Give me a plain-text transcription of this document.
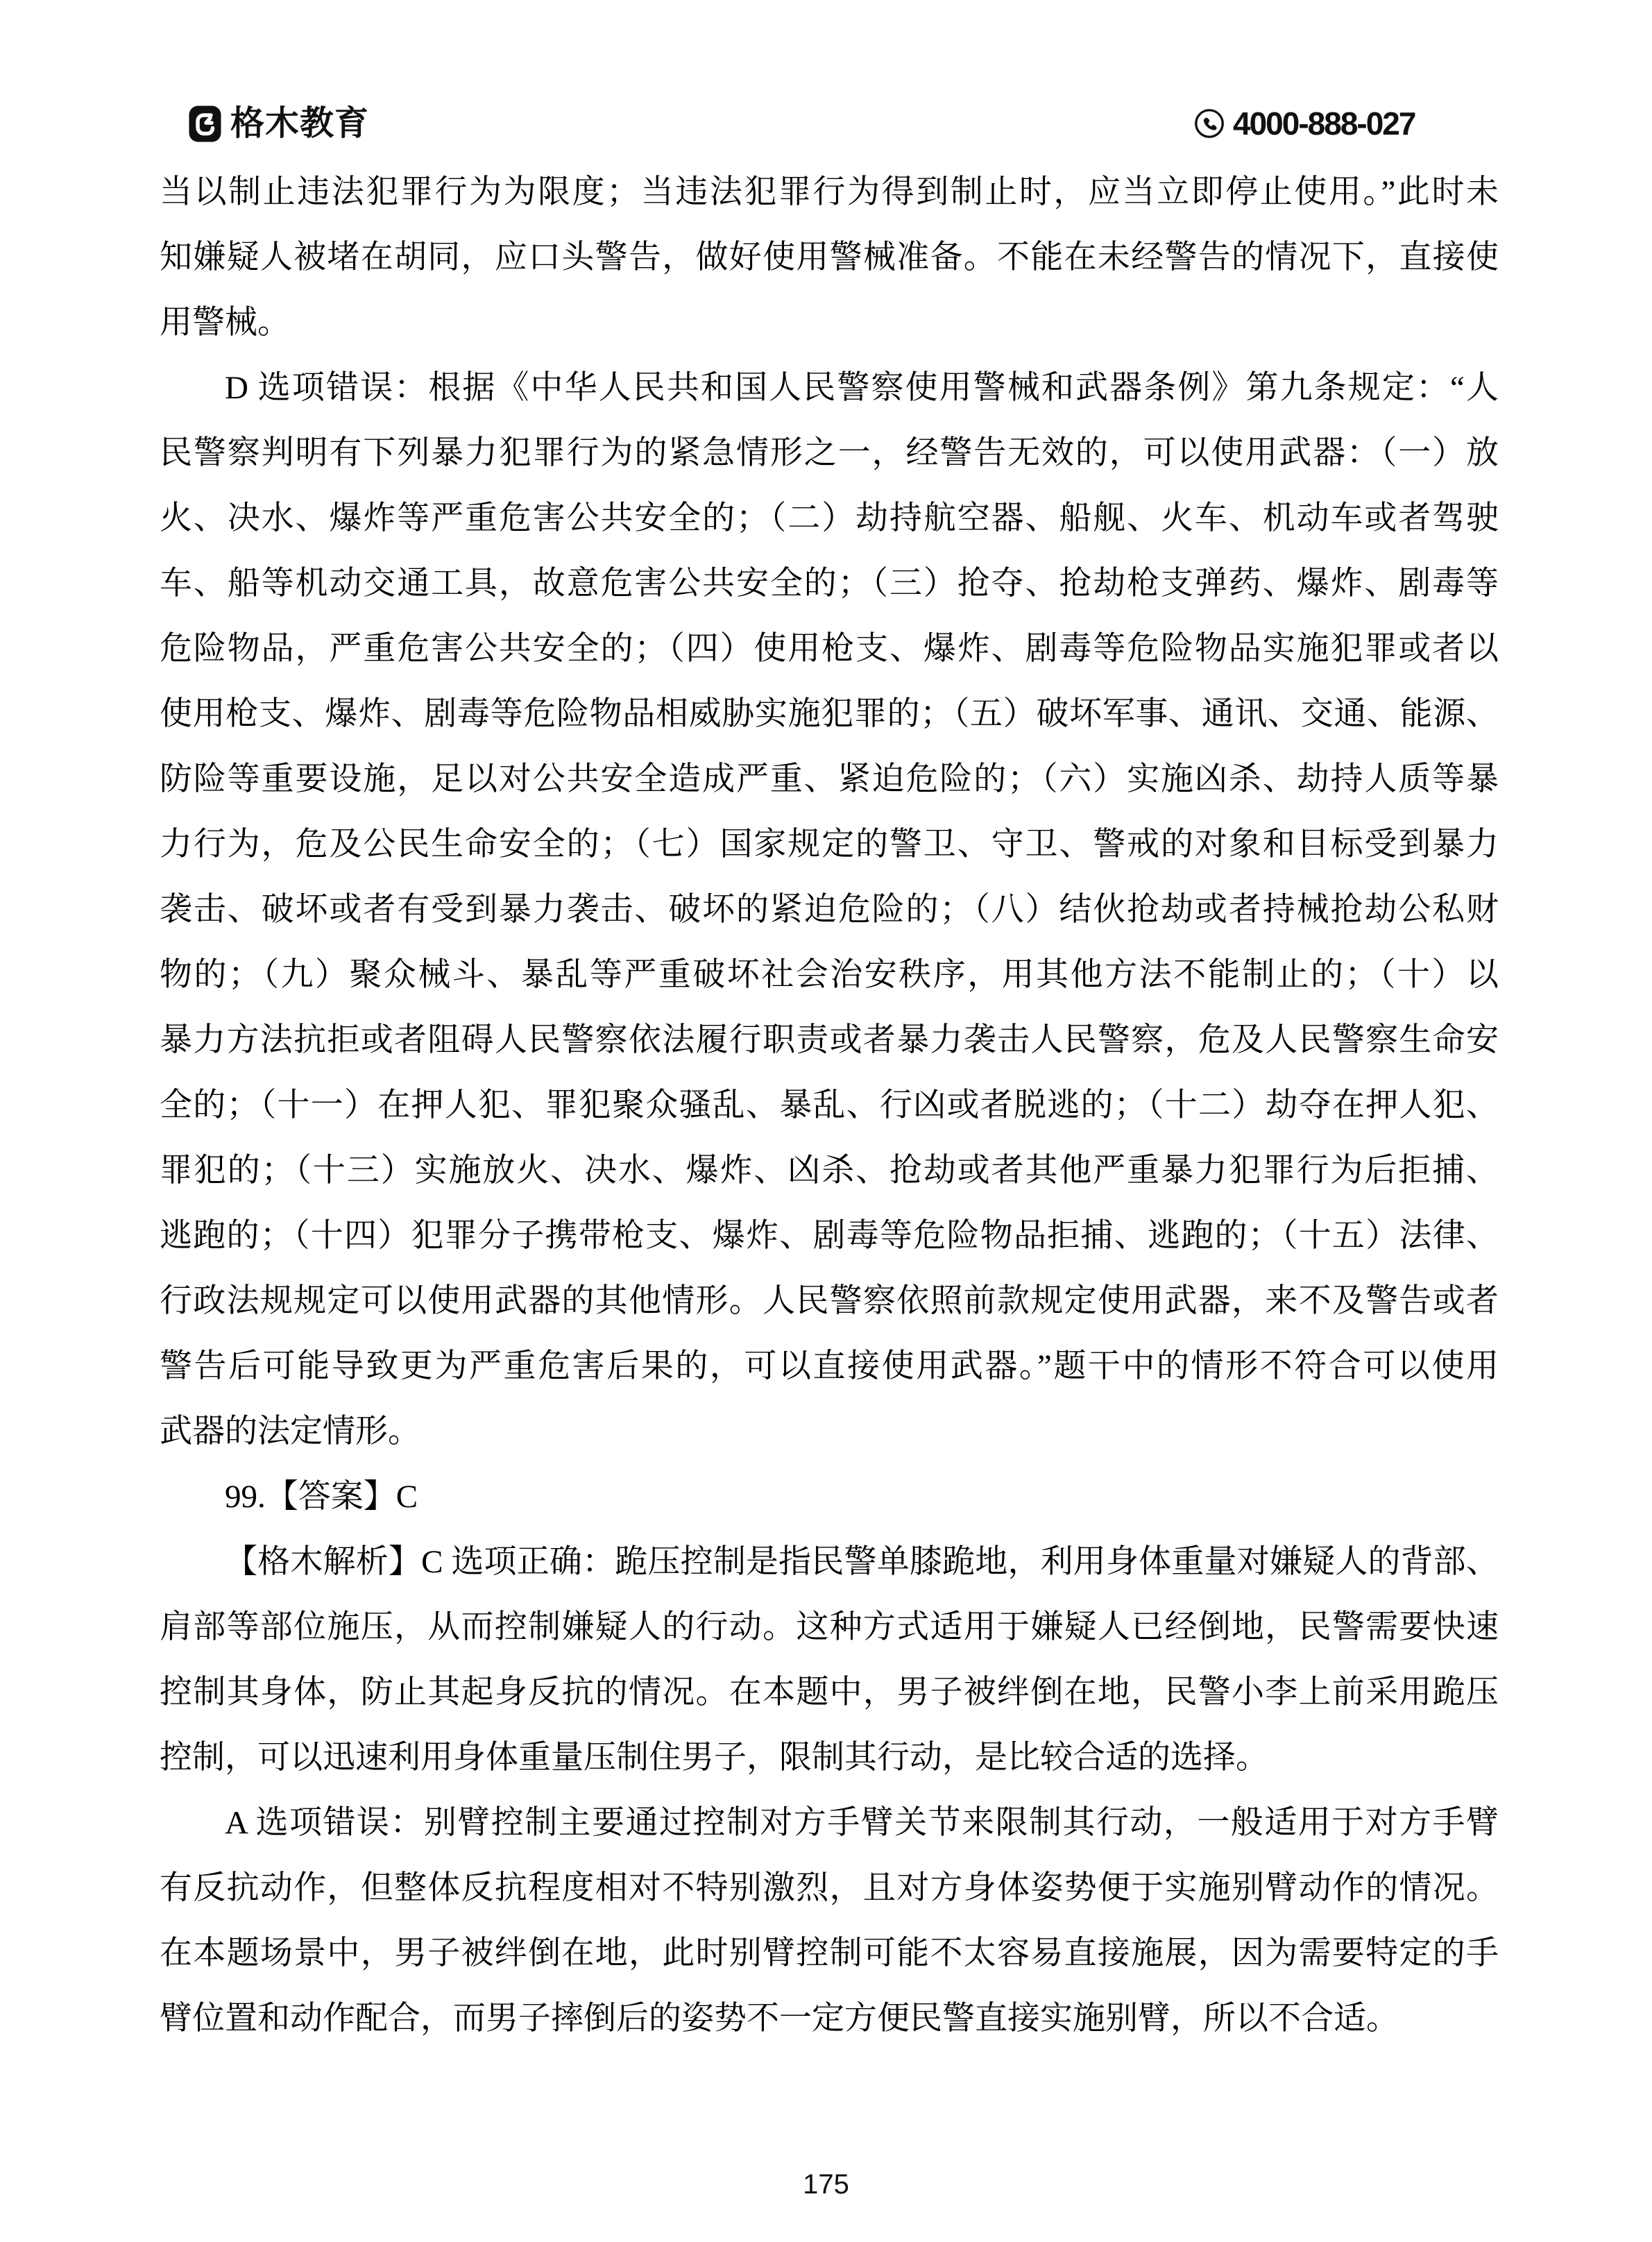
格木教育	4000-888-027
当以制止违法犯罪行为为限度；当违法犯罪行为得到制止时，应当立即停止使用。”此时未
知嫌疑人被堵在胡同，应口头警告，做好使用警械准备。不能在未经警告的情况下，直接使
用警械。
D 选项错误：根据《中华人民共和国人民警察使用警械和武器条例》第九条规定：“人
民警察判明有下列暴力犯罪行为的紧急情形之一，经警告无效的，可以使用武器：（一）放
火、决水、爆炸等严重危害公共安全的；（二）劫持航空器、船舰、火车、机动车或者驾驶
车、船等机动交通工具，故意危害公共安全的；（三）抢夺、抢劫枪支弹药、爆炸、剧毒等
危险物品，严重危害公共安全的；（四）使用枪支、爆炸、剧毒等危险物品实施犯罪或者以
使用枪支、爆炸、剧毒等危险物品相威胁实施犯罪的；（五）破坏军事、通讯、交通、能源、
防险等重要设施，足以对公共安全造成严重、紧迫危险的；（六）实施凶杀、劫持人质等暴
力行为，危及公民生命安全的；（七）国家规定的警卫、守卫、警戒的对象和目标受到暴力
袭击、破坏或者有受到暴力袭击、破坏的紧迫危险的；（八）结伙抢劫或者持械抢劫公私财
物的；（九）聚众械斗、暴乱等严重破坏社会治安秩序，用其他方法不能制止的；（十）以
暴力方法抗拒或者阻碍人民警察依法履行职责或者暴力袭击人民警察，危及人民警察生命安
全的；（十一）在押人犯、罪犯聚众骚乱、暴乱、行凶或者脱逃的；（十二）劫夺在押人犯、
罪犯的；（十三）实施放火、决水、爆炸、凶杀、抢劫或者其他严重暴力犯罪行为后拒捕、
逃跑的；（十四）犯罪分子携带枪支、爆炸、剧毒等危险物品拒捕、逃跑的；（十五）法律、
行政法规规定可以使用武器的其他情形。人民警察依照前款规定使用武器，来不及警告或者
警告后可能导致更为严重危害后果的，可以直接使用武器。”题干中的情形不符合可以使用
武器的法定情形。
99.【答案】C
【格木解析】C 选项正确：跪压控制是指民警单膝跪地，利用身体重量对嫌疑人的背部、
肩部等部位施压，从而控制嫌疑人的行动。这种方式适用于嫌疑人已经倒地，民警需要快速
控制其身体，防止其起身反抗的情况。在本题中，男子被绊倒在地，民警小李上前采用跪压
控制，可以迅速利用身体重量压制住男子，限制其行动，是比较合适的选择。
A 选项错误：别臂控制主要通过控制对方手臂关节来限制其行动，一般适用于对方手臂
有反抗动作，但整体反抗程度相对不特别激烈，且对方身体姿势便于实施别臂动作的情况。
在本题场景中，男子被绊倒在地，此时别臂控制可能不太容易直接施展，因为需要特定的手
臂位置和动作配合，而男子摔倒后的姿势不一定方便民警直接实施别臂，所以不合适。
175
